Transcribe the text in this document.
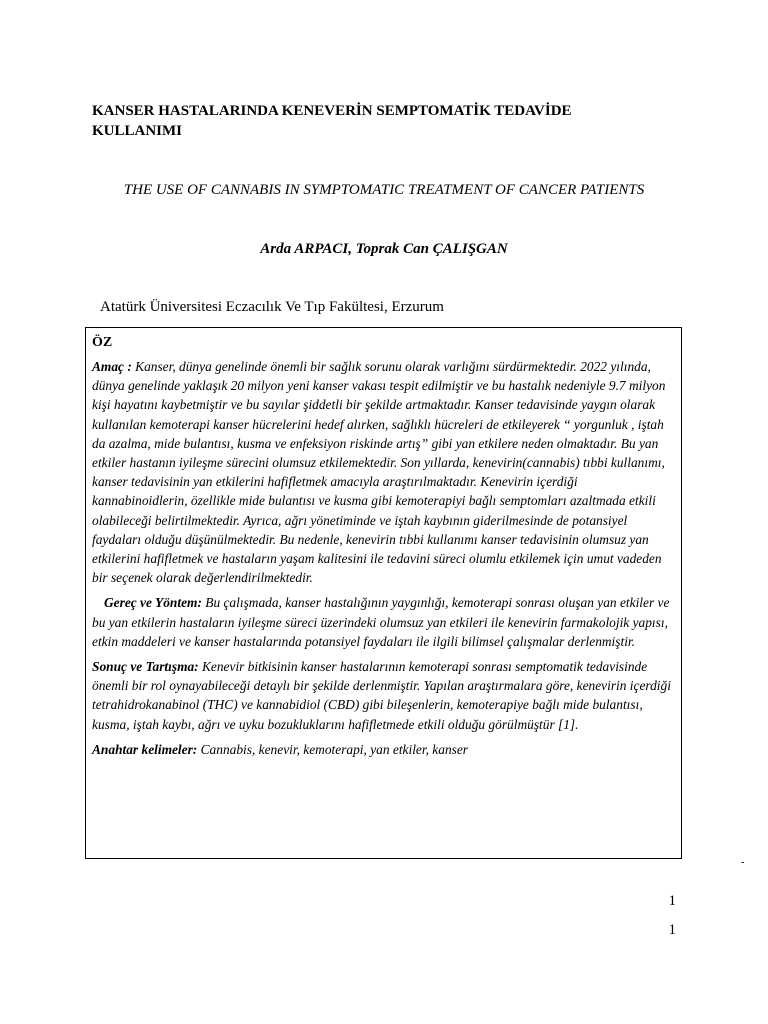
KANSER HASTALARINDA KENEVERİN SEMPTOMATİK TEDAVİDE KULLANIMI
THE USE OF CANNABIS IN SYMPTOMATIC TREATMENT OF CANCER PATIENTS
Arda ARPACI, Toprak Can ÇALIŞGAN
Atatürk Üniversitesi Eczacılık Ve Tıp Fakültesi, Erzurum
ÖZ

Amaç : Kanser, dünya genelinde önemli bir sağlık sorunu olarak varlığını sürdürmektedir. 2022 yılında, dünya genelinde yaklaşık 20 milyon yeni kanser vakası tespit edilmiştir ve bu hastalık nedeniyle 9.7 milyon kişi hayatını kaybetmiştir ve bu sayılar şiddetli bir şekilde artmaktadır. Kanser tedavisinde yaygın olarak kullanılan kemoterapi kanser hücrelerini hedef alırken, sağlıklı hücreleri de etkileyerek “ yorgunluk , iştah da azalma, mide bulantısı, kusma ve enfeksiyon riskinde artış” gibi yan etkilere neden olmaktadır. Bu yan etkiler hastanın iyileşme sürecini olumsuz etkilemektedir. Son yıllarda, kenevirin(cannabis) tıbbi kullanımı, kanser tedavisinin yan etkilerini hafifletmek amacıyla araştırılmaktadır. Kenevirin içerdiği kannabinoidlerin, özellikle mide bulantısı ve kusma gibi kemoterapiyi bağlı semptomları azaltmada etkili olabileceği belirtilmektedir. Ayrıca, ağrı yönetiminde ve iştah kaybının giderilmesinde de potansiyel faydaları olduğu düşünülmektedir. Bu nedenle, kenevirin tıbbi kullanımı kanser tedavisinin olumsuz yan etkilerini hafifletmek ve hastaların yaşam kalitesini ile tedavini süreci olumlu etkilemek için umut vadeden bir seçenek olarak değerlendirilmektedir.

Gereç ve Yöntem: Bu çalışmada, kanser hastalığının yaygınlığı, kemoterapi sonrası oluşan yan etkiler ve bu yan etkilerin hastaların iyileşme süreci üzerindeki olumsuz yan etkileri ile kenevirin farmakolojik yapısı, etkin maddeleri ve kanser hastalarında potansiyel faydaları ile ilgili bilimsel çalışmalar derlenmiştir.

Sonuç ve Tartışma: Kenevir bitkisinin kanser hastalarının kemoterapi sonrası semptomatik tedavisinde önemli bir rol oynayabileceği detaylı bir şekilde derlenmiştir. Yapılan araştırmalara göre, kenevirin içerdiği tetrahidrokanabinol (THC) ve kannabidiol (CBD) gibi bileşenlerin, kemoterapiye bağlı mide bulantısı, kusma, iştah kaybı, ağrı ve uyku bozukluklarını hafifletmede etkili olduğu görülmüştür [1].

Anahtar kelimeler: Cannabis, kenevir, kemoterapi, yan etkiler, kanser

-
1
1
